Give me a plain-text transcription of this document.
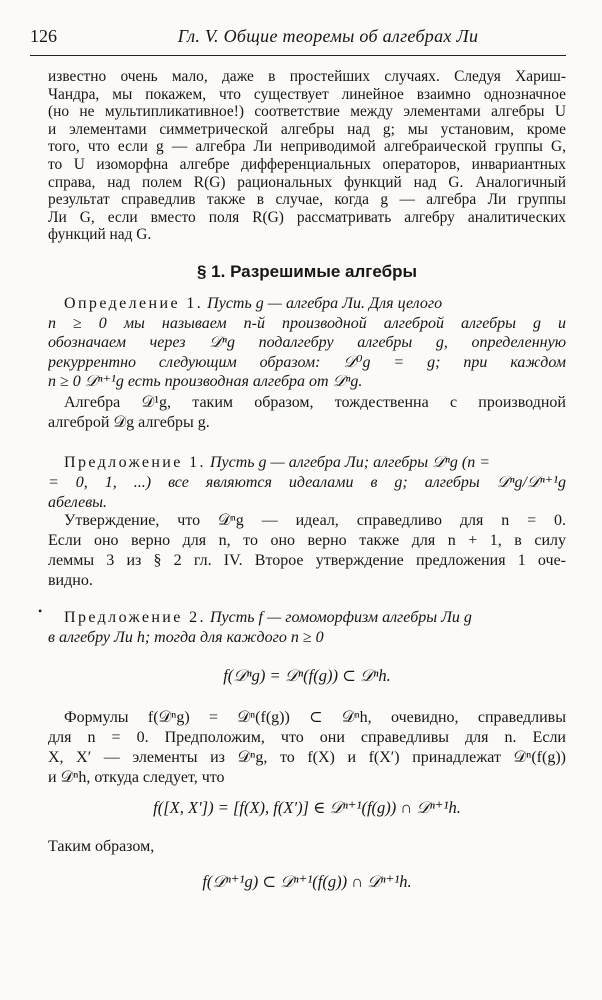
126	Гл. V. Общие теоремы об алгебрах Ли
известно очень мало, даже в простейших случаях. Следуя Хариш-
Чандра, мы покажем, что существует линейное взаимно однозначное
(но не мультипликативное!) соответствие между элементами алгебры U
и элементами симметрической алгебры над g; мы установим, кроме
того, что если g — алгебра Ли неприводимой алгебраической группы G,
то U изоморфна алгебре дифференциальных операторов, инвариантных
справа, над полем R(G) рациональных функций над G. Аналогичный
результат справедлив также в случае, когда g — алгебра Ли группы
Ли G, если вместо поля R(G) рассматривать алгебру аналитических
функций над G.
§ 1. Разрешимые алгебры
Определение 1. Пусть g — алгебра Ли. Для целого
n ≥ 0 мы называем n-й производной алгеброй алгебры g и
обозначаем через 𝒟ⁿg подалгебру алгебры g, определенную
рекуррентно следующим образом: 𝒟⁰g = g; при каждом
n ≥ 0 𝒟ⁿ⁺¹g есть производная алгебра от 𝒟ⁿg.
Алгебра 𝒟¹g, таким образом, тождественна с производной
алгеброй 𝒟g алгебры g.
Предложение 1. Пусть g — алгебра Ли; алгебры 𝒟ⁿg (n =
= 0, 1, ...) все являются идеалами в g; алгебры 𝒟ⁿg/𝒟ⁿ⁺¹g
абелевы.
Утверждение, что 𝒟ⁿg — идеал, справедливо для n = 0.
Если оно верно для n, то оно верно также для n + 1, в силу
леммы 3 из § 2 гл. IV. Второе утверждение предложения 1 оче-
видно.
•	Предложение 2. Пусть f — гомоморфизм алгебры Ли g
в алгебру Ли h; тогда для каждого n ≥ 0
f(𝒟ⁿg) = 𝒟ⁿ(f(g)) ⊂ 𝒟ⁿh.
Формулы f(𝒟ⁿg) = 𝒟ⁿ(f(g)) ⊂ 𝒟ⁿh, очевидно, справедливы
для n = 0. Предположим, что они справедливы для n. Если
X, X′ — элементы из 𝒟ⁿg, то f(X) и f(X′) принадлежат 𝒟ⁿ(f(g))
и 𝒟ⁿh, откуда следует, что
f([X, X′]) = [f(X), f(X′)] ∈ 𝒟ⁿ⁺¹(f(g)) ∩ 𝒟ⁿ⁺¹h.
Таким образом,
f(𝒟ⁿ⁺¹g) ⊂ 𝒟ⁿ⁺¹(f(g)) ∩ 𝒟ⁿ⁺¹h.
